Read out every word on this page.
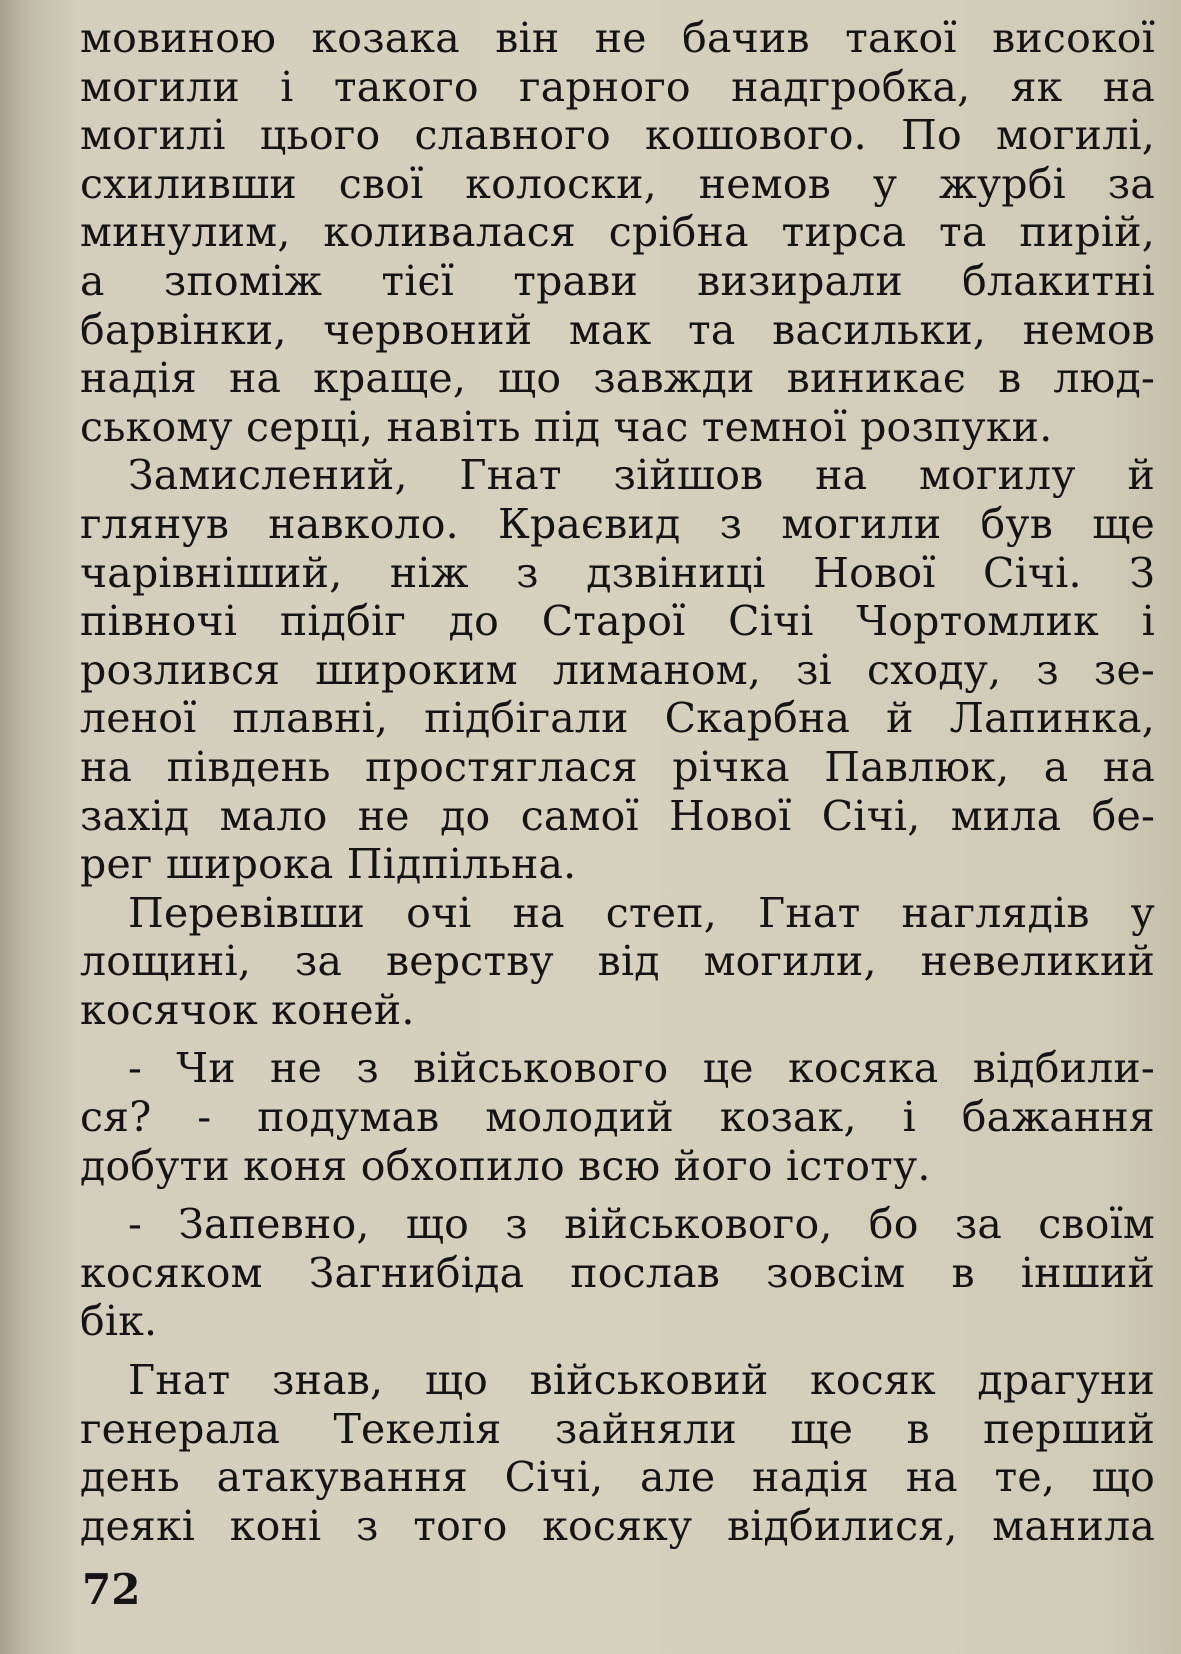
мовиною козака він не бачив такої високої
могили і такого гарного надгробка, як на
могилі цього славного кошового. По могилі,
схиливши свої колоски, немов у журбі за
минулим, коливалася срібна тирса та пирій,
а зпоміж тієї трави визирали блакитні
барвінки, червоний мак та васильки, немов
надія на краще, що завжди виникає в люд-
ському серці, навіть під час темної розпуки.
Замислений, Гнат зійшов на могилу й
глянув навколо. Краєвид з могили був ще
чарівніший, ніж з дзвіниці Нової Січі. З
півночі підбіг до Старої Січі Чортомлик і
розлився широким лиманом, зі сходу, з зе-
леної плавні, підбігали Скарбна й Лапинка,
на південь простяглася річка Павлюк, а на
захід мало не до самої Нової Січі, мила бе-
рег широка Підпільна.
Перевівши очі на степ, Гнат наглядів у
лощині, за верству від могили, невеликий
косячок коней.
- Чи не з військового це косяка відбили-
ся? - подумав молодий козак, і бажання
добути коня обхопило всю його істоту.
- Запевно, що з військового, бо за своїм
косяком Загнибіда послав зовсім в інший
бік.
Гнат знав, що військовий косяк драгуни
генерала Текелія зайняли ще в перший
день атакування Січі, але надія на те, що
деякі коні з того косяку відбилися, манила
72
